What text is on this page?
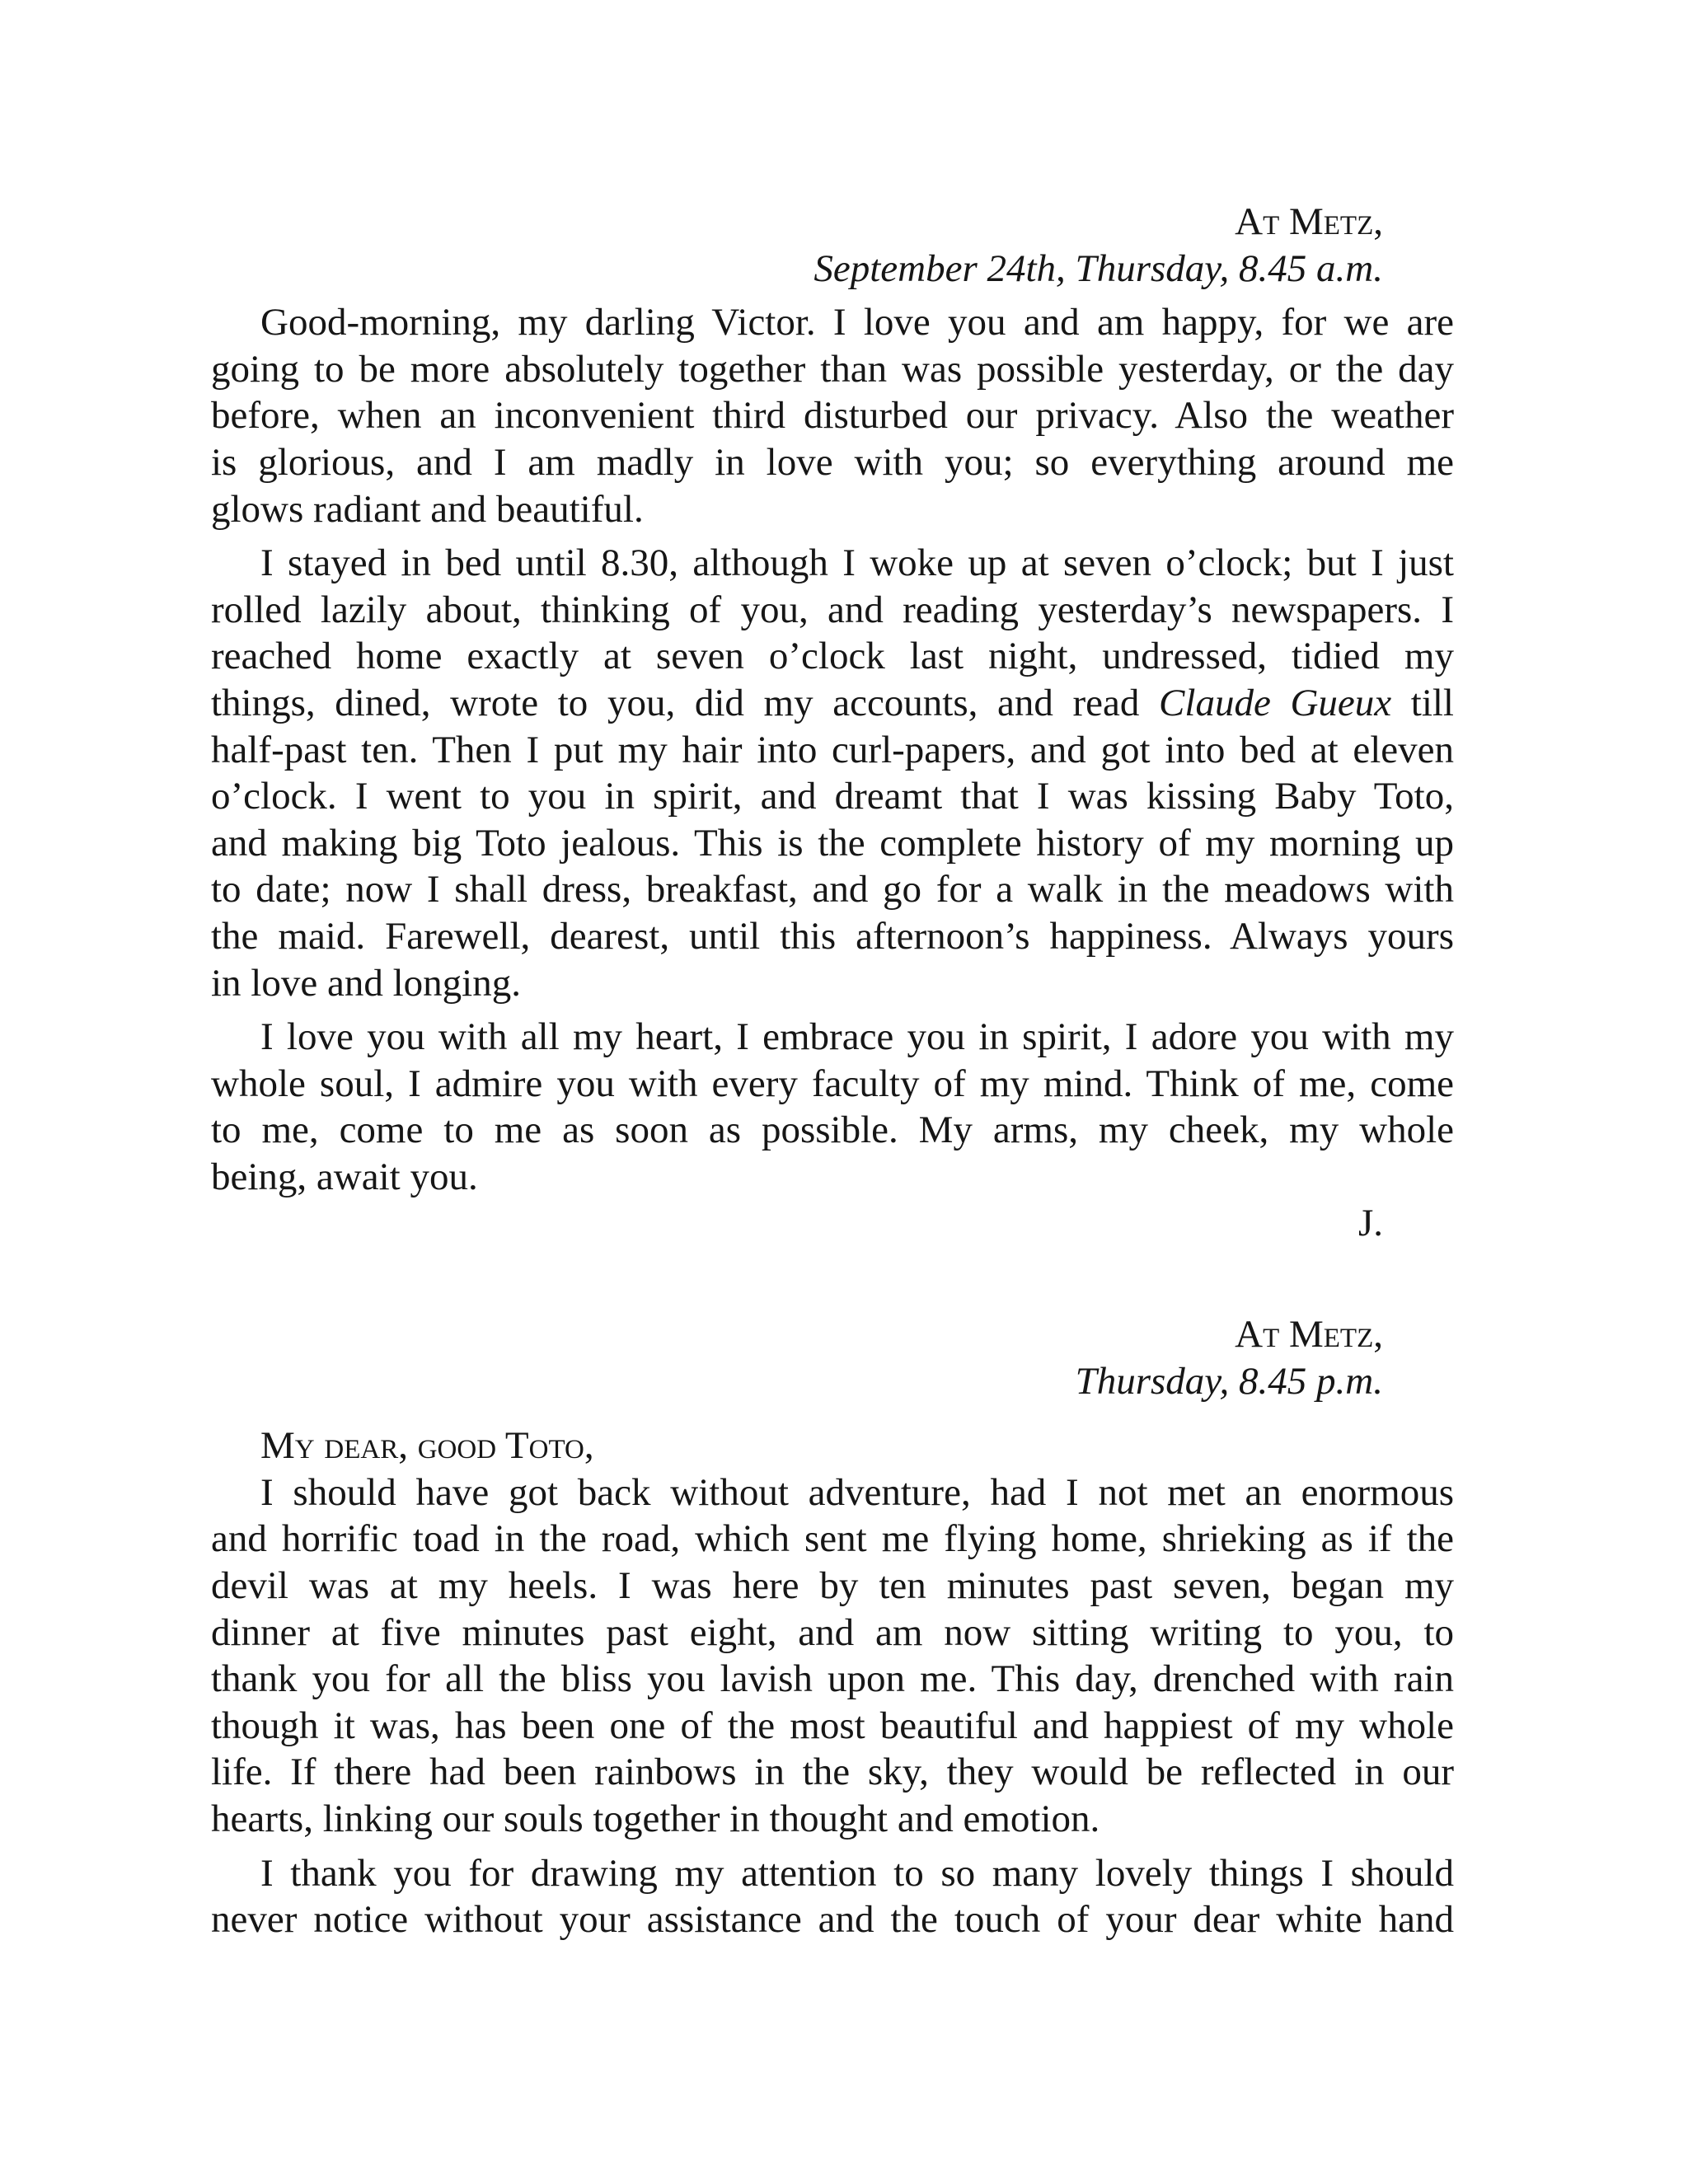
At Metz,
September 24th, Thursday, 8.45 a.m.
Good-morning, my darling Victor. I love you and am happy, for we are
going to be more absolutely together than was possible yesterday, or the day
before, when an inconvenient third disturbed our privacy. Also the weather
is glorious, and I am madly in love with you; so everything around me
glows radiant and beautiful.
I stayed in bed until 8.30, although I woke up at seven o’clock; but I just
rolled lazily about, thinking of you, and reading yesterday’s newspapers. I
reached home exactly at seven o’clock last night, undressed, tidied my
things, dined, wrote to you, did my accounts, and read Claude Gueux till
half-past ten. Then I put my hair into curl-papers, and got into bed at eleven
o’clock. I went to you in spirit, and dreamt that I was kissing Baby Toto,
and making big Toto jealous. This is the complete history of my morning up
to date; now I shall dress, breakfast, and go for a walk in the meadows with
the maid. Farewell, dearest, until this afternoon’s happiness. Always yours
in love and longing.
I love you with all my heart, I embrace you in spirit, I adore you with my
whole soul, I admire you with every faculty of my mind. Think of me, come
to me, come to me as soon as possible. My arms, my cheek, my whole
being, await you.
J.
At Metz,
Thursday, 8.45 p.m.
My dear, good Toto,
I should have got back without adventure, had I not met an enormous
and horrific toad in the road, which sent me flying home, shrieking as if the
devil was at my heels. I was here by ten minutes past seven, began my
dinner at five minutes past eight, and am now sitting writing to you, to
thank you for all the bliss you lavish upon me. This day, drenched with rain
though it was, has been one of the most beautiful and happiest of my whole
life. If there had been rainbows in the sky, they would be reflected in our
hearts, linking our souls together in thought and emotion.
I thank you for drawing my attention to so many lovely things I should
never notice without your assistance and the touch of your dear white hand
